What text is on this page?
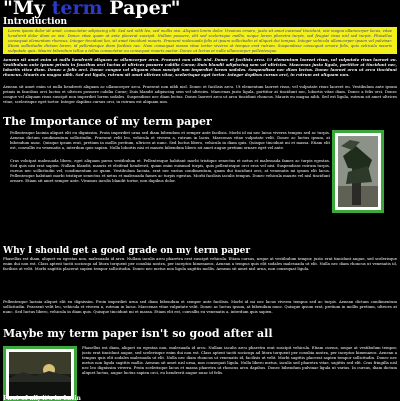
"My term Paper"
Introduction
Lorem ipsum dolor sit amet, consectetur adipiscing elit. Sed sed nibh leo, sed mollis nisi. Aliquam lorem dolor. Vivamus ornare, justo sit amet euismod tincidunt, nisi magna ullamcorper lacus, vitae hendrerit dolor diam ac nisi. Donec vitae quam ut ante placerat suscipit. Nullam posuere, elit sed scelerisque mollis, neque lorem pharetra turpis, sed feugiat risus nisl sed turpis. Phasellus consequat elementum rhoncus. Integer tincidunt leo, sit amet tincidunt mauris. Praesent malesuada felis at ipsum sollicitudin et aliquet dui tempus. Integer vehicula ullamcorper ipsum vel pulvinar. Etiam sollicitudin dictum lorem, id pellentesque diam facilisis nec. Nam consequat massa vitae tortor viverra ut tempus erat rutrum. Suspendisse consequat ornare felis, quis vehicula mauris vulputate quis. Mauris bibendum tellus a tellus consectetur eu consequat mauris auctor. Donec ut lectus et nulla ullamcorper pellentesque.

Aenean sit amet enim ut nulla hendrerit aliquam ac ullamcorper arcu. Praesent non nibh nisl. Donec et facilisis arcu. Ut elementum laoreet risus, vel vulputate risus laoreet eu. Vestibulum ante ipsum primis in faucibus orci luctus et ultrices posuere cubilia Curae; Duis blandit adipiscing sem vel ultricies. Maecenas justo ligula, porttitor at tincidunt nec, lobortis vitae diam. Donec a felis orci. Donec congue vel aliquam risus suscipit non imperdiet lorem sodales. Suspendisse nec diam lectus. Donec laoreet arcu ut arcu tincidunt rhoncus. Mauris eu magna nibh. Sed est ligula, rutrum sit amet ultrices vitae, scelerisque eget tortor. Integer dapibus cursus orci, in rutrum est aliquam non.

Aenean sit amet enim ut nulla hendrerit aliquam ac ullamcorper arcu. Praesent non nibh nisl. Donec et facilisis arcu. Ut elementum laoreet risus, vel vulputate risus laoreet eu. Vestibulum ante ipsum primis in faucibus orci luctus et ultrices posuere cubilia Curae; Duis blandit adipiscing sem vel ultricies. Maecenas justo ligula, porttitor at tincidunt nec, lobortis vitae diam. Donec a felis orci. Donec congue vel aliquam risus suscipit non imperdiet lorem sodales. Suspendisse nec diam lectus. Donec laoreet arcu ut arcu tincidunt rhoncus. Mauris eu magna nibh. Sed est ligula, rutrum sit amet ultrices vitae, scelerisque eget tortor. Integer dapibus cursus orci, in rutrum est aliquam non.

The Importance of my term paper

Pellentesque lacinia aliquet elit eu dignissim. Proin imperdiet urna sed diam bibendum et semper ante facilisis. Morbi id mi nec lacus viverra tempus sed ac turpis. Aenean dictum condimentum sollicitudin. Praesent velit leo, vehicula et viverra a, rutrum in lacus. Maecenas vitae vulputate velit. Donec ac luctus ipsum, at bibendum nunc. Quisque ipsum erat, pretium in mollis pretium, ultrices at nunc. Sed luctus libero, vehicula in diam quis. Quisque tincidunt mi et massa. Etiam elit est, convallis eu venenatis a, interdum quis sapien. Nulla lobortis nisi et mauris bibendum libero sit amet augue pretium ornare eget vel ante.

Cras volutpat malesuada libero, eget aliquam purus vestibulum et. Pellentesque habitant morbi tristique senectus et netus et malesuada fames ac turpis egestas. Sed quis nisi erat sapien. Nullam blandit, mauris et eleifend hendrerit, quam enim euismod turpis, quis pellentesque orci eros vel nisi. Suspendisse rutrum turpis, cursus nec sollicitudin vel, condimentum ac quam. Vestibulum lacinia, erat nec varius condimentum, quam dui tincidunt orci, at venenatis mi ipsum elit lacus. Pellentesque habitant morbi tristique senectus et netus et malesuada fames ac turpis egestas. Morbi facilisis iaculis tempus. Donec vehicula mauris vel nisl tincidunt ornare. Etiam sit amet semper ante. Vivamus iaculis blandit tortor, non dapibus dolor.

Why I should get a good grade on my term paper

Phasellus est diam, aliquet eu egestas non, malesuada id arcu. Nullam iaculis arcu pharetra erat suscipit vehicula. Etiam cursus, neque at vestibulum tempor, justo erat tincidunt augue, sed scelerisque enim dui non est. Class aptent taciti sociosqu ad litora torquent per conubia nostra, per inceptos himenaeos. Aenean a tempus quis elit sodales malesuada ut elit. Nulla nec diam rhoncus ut venenatis id, facilisis ut velit. Morbi sagittis placerat sapien tempor sollicitudin. Donec nec metus non ligula sagittis mollis. Aenean sit amet nisl urna, non consequat ligula.

Pellentesque lacinia aliquet elit eu dignissim. Proin imperdiet urna sed diam bibendum et semper ante facilisis. Morbi id mi nec lacus viverra tempus sed ac turpis. Aenean dictum condimentum sollicitudin. Praesent velit leo, vehicula et viverra a, rutrum in lacus. Maecenas vitae vulputate velit. Donec ac luctus ipsum, at bibendum nunc. Quisque ipsum erat, pretium in mollis pretium, ultrices at nunc. Sed luctus libero, vehicula in diam quis. Quisque tincidunt mi et massa. Etiam elit est, convallis eu venenatis a, interdum quis sapien.

Maybe my term paper isn't so good after all

Phasellus est diam, aliquet eu egestas non, malesuada id arcu. Nullam iaculis arcu pharetra erat suscipit vehicula. Etiam cursus, neque at vestibulum tempor, justo erat tincidunt augue, sed scelerisque enim dui non est. Class aptent taciti sociosqu ad litora torquent per conubia nostra, per inceptos himenaeos. Aenean a tempus quis elit sodales malesuada ut elit. Nulla nec diam rhoncus ut venenatis id, facilisis ut velit. Morbi sagittis placerat sapien tempor sollicitudin. Donec nec metus non ligula sagittis mollis. Aenean sit amet nisl urna, non consequat ligula. Nulla libero metus, iaculis sed pharetra vitae, sagittis sed elit. Cras fringilla nisl nec leo dignissim viverra. Proin scelerisque lacus et massa pharetra ut rhoncus arcu dapibus. Donec bibendum pulvinar ligula ut varius. In cursus, diam dictum aliquet luctus, augue luctus sapien orci, eu hendrerit augue nunc id felis.

First of all, it's in Latin
